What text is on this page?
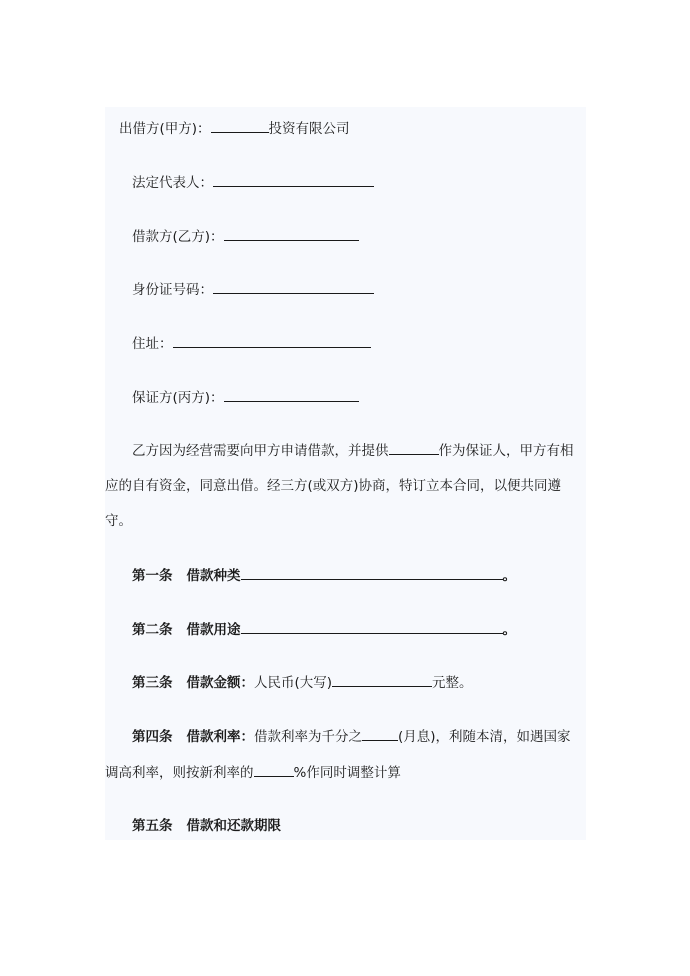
出借方(甲方)：	投资有限公司
法定代表人：
借款方(乙方)：
身份证号码：
住址：
保证方(丙方)：
乙方因为经营需要向甲方申请借款，并提供	作为保证人，甲方有相
应的自有资金，同意出借。经三方(或双方)协商，特订立本合同，以便共同遵
守。
第一条 借款种类	。
第二条 借款用途	。
第三条 借款金额：人民币(大写)	元整。
第四条 借款利率：借款利率为千分之	(月息)，利随本清，如遇国家
调高利率，则按新利率的	%作同时调整计算
第五条 借款和还款期限
